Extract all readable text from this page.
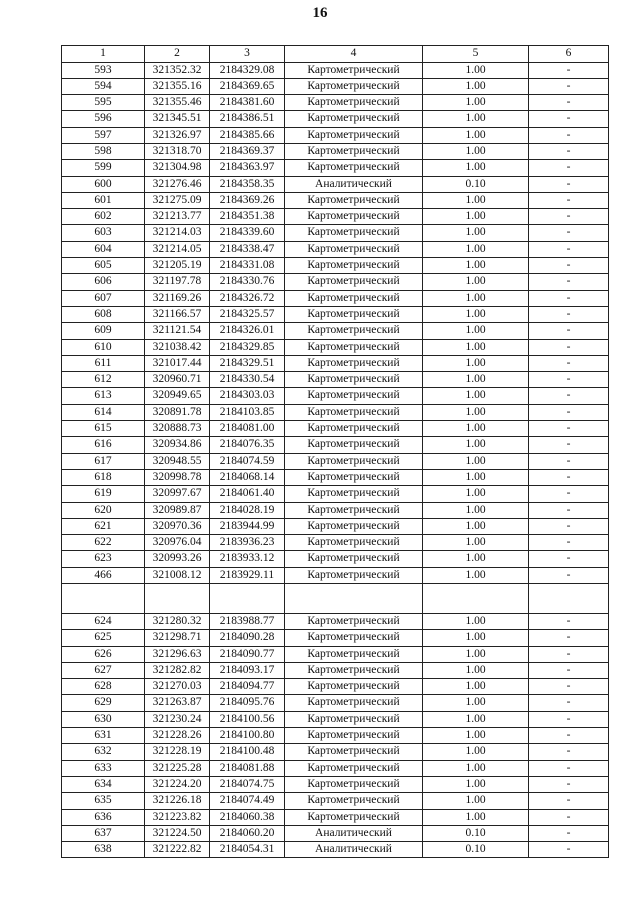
16
1	2	3	4	5	6
593	321352.32	2184329.08	Картометрический	1.00	-
594	321355.16	2184369.65	Картометрический	1.00	-
595	321355.46	2184381.60	Картометрический	1.00	-
596	321345.51	2184386.51	Картометрический	1.00	-
597	321326.97	2184385.66	Картометрический	1.00	-
598	321318.70	2184369.37	Картометрический	1.00	-
599	321304.98	2184363.97	Картометрический	1.00	-
600	321276.46	2184358.35	Аналитический	0.10	-
601	321275.09	2184369.26	Картометрический	1.00	-
602	321213.77	2184351.38	Картометрический	1.00	-
603	321214.03	2184339.60	Картометрический	1.00	-
604	321214.05	2184338.47	Картометрический	1.00	-
605	321205.19	2184331.08	Картометрический	1.00	-
606	321197.78	2184330.76	Картометрический	1.00	-
607	321169.26	2184326.72	Картометрический	1.00	-
608	321166.57	2184325.57	Картометрический	1.00	-
609	321121.54	2184326.01	Картометрический	1.00	-
610	321038.42	2184329.85	Картометрический	1.00	-
611	321017.44	2184329.51	Картометрический	1.00	-
612	320960.71	2184330.54	Картометрический	1.00	-
613	320949.65	2184303.03	Картометрический	1.00	-
614	320891.78	2184103.85	Картометрический	1.00	-
615	320888.73	2184081.00	Картометрический	1.00	-
616	320934.86	2184076.35	Картометрический	1.00	-
617	320948.55	2184074.59	Картометрический	1.00	-
618	320998.78	2184068.14	Картометрический	1.00	-
619	320997.67	2184061.40	Картометрический	1.00	-
620	320989.87	2184028.19	Картометрический	1.00	-
621	320970.36	2183944.99	Картометрический	1.00	-
622	320976.04	2183936.23	Картометрический	1.00	-
623	320993.26	2183933.12	Картометрический	1.00	-
466	321008.12	2183929.11	Картометрический	1.00	-

624	321280.32	2183988.77	Картометрический	1.00	-
625	321298.71	2184090.28	Картометрический	1.00	-
626	321296.63	2184090.77	Картометрический	1.00	-
627	321282.82	2184093.17	Картометрический	1.00	-
628	321270.03	2184094.77	Картометрический	1.00	-
629	321263.87	2184095.76	Картометрический	1.00	-
630	321230.24	2184100.56	Картометрический	1.00	-
631	321228.26	2184100.80	Картометрический	1.00	-
632	321228.19	2184100.48	Картометрический	1.00	-
633	321225.28	2184081.88	Картометрический	1.00	-
634	321224.20	2184074.75	Картометрический	1.00	-
635	321226.18	2184074.49	Картометрический	1.00	-
636	321223.82	2184060.38	Картометрический	1.00	-
637	321224.50	2184060.20	Аналитический	0.10	-
638	321222.82	2184054.31	Аналитический	0.10	-
